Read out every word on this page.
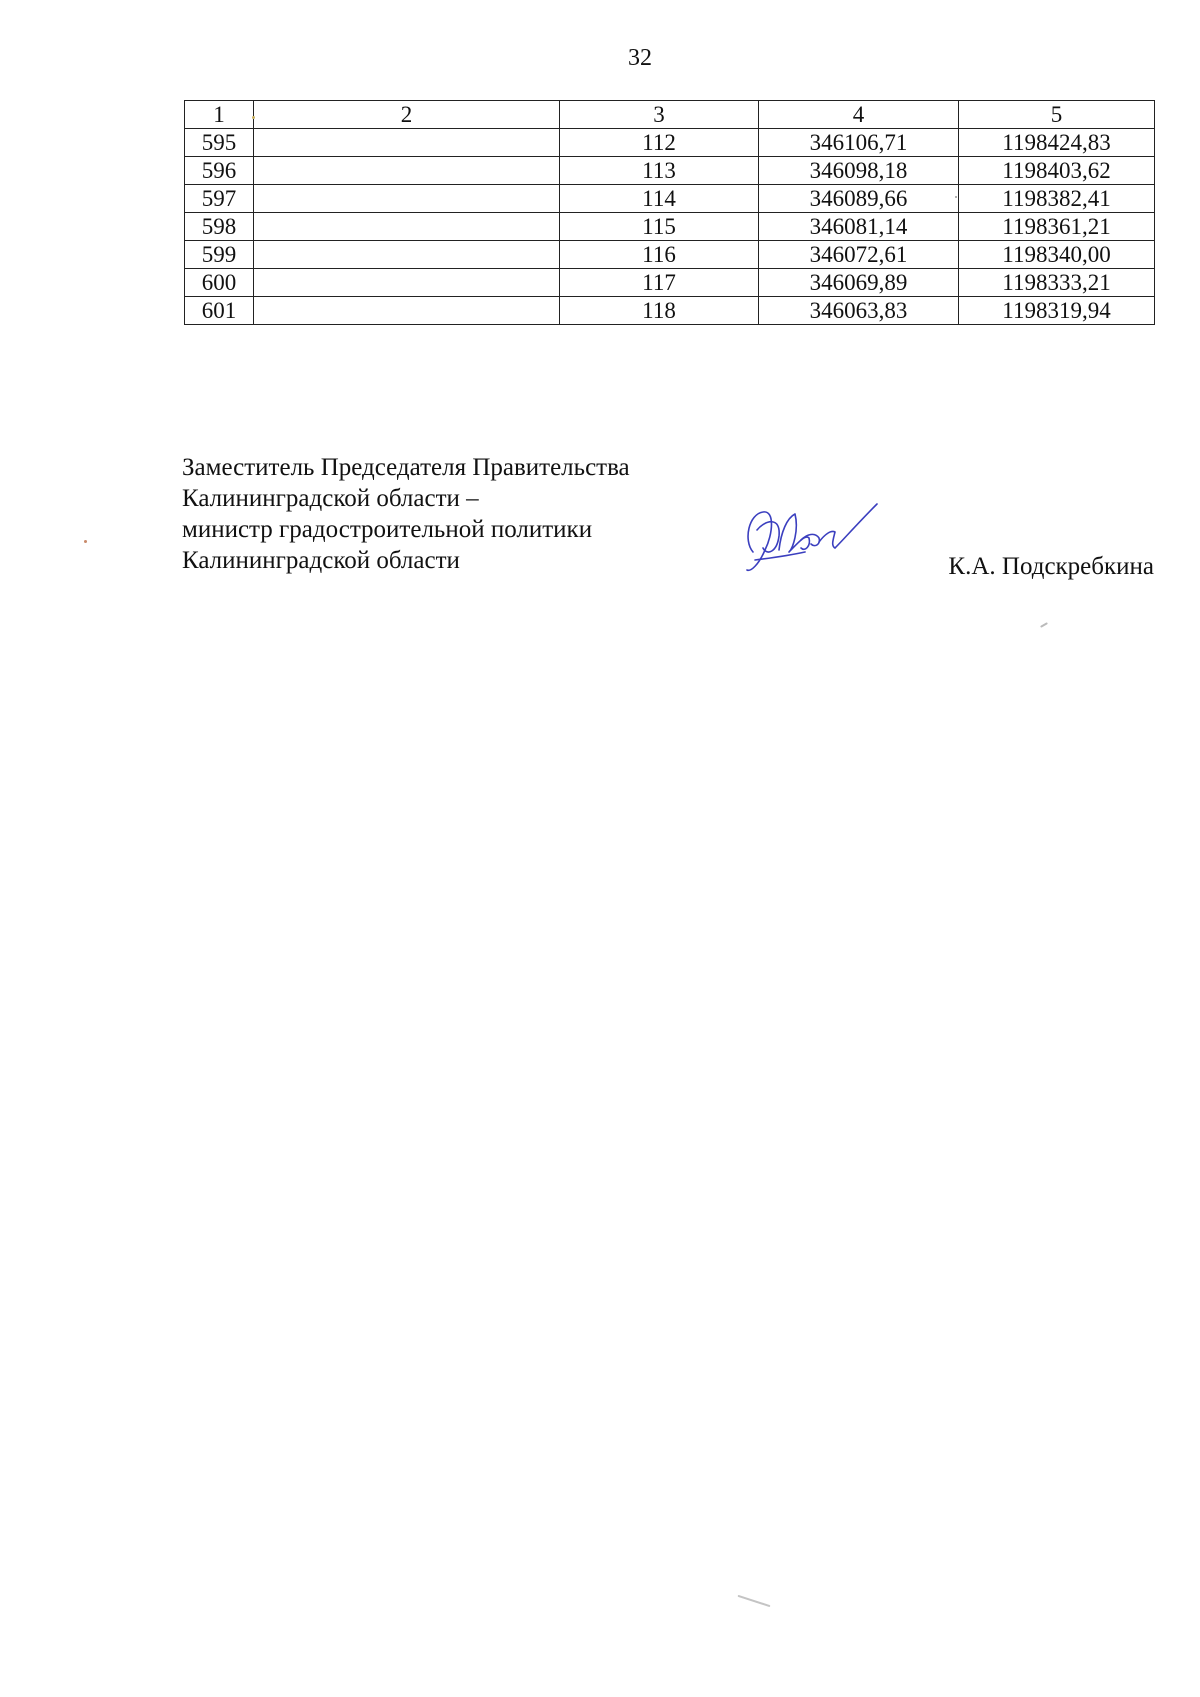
32
1	2	3	4	5
595		112	346106,71	1198424,83
596		113	346098,18	1198403,62
597		114	346089,66	1198382,41
598		115	346081,14	1198361,21
599		116	346072,61	1198340,00
600		117	346069,89	1198333,21
601		118	346063,83	1198319,94
Заместитель Председателя Правительства
Калининградской области –
министр градостроительной политики
Калининградской области	К.А. Подскребкина
